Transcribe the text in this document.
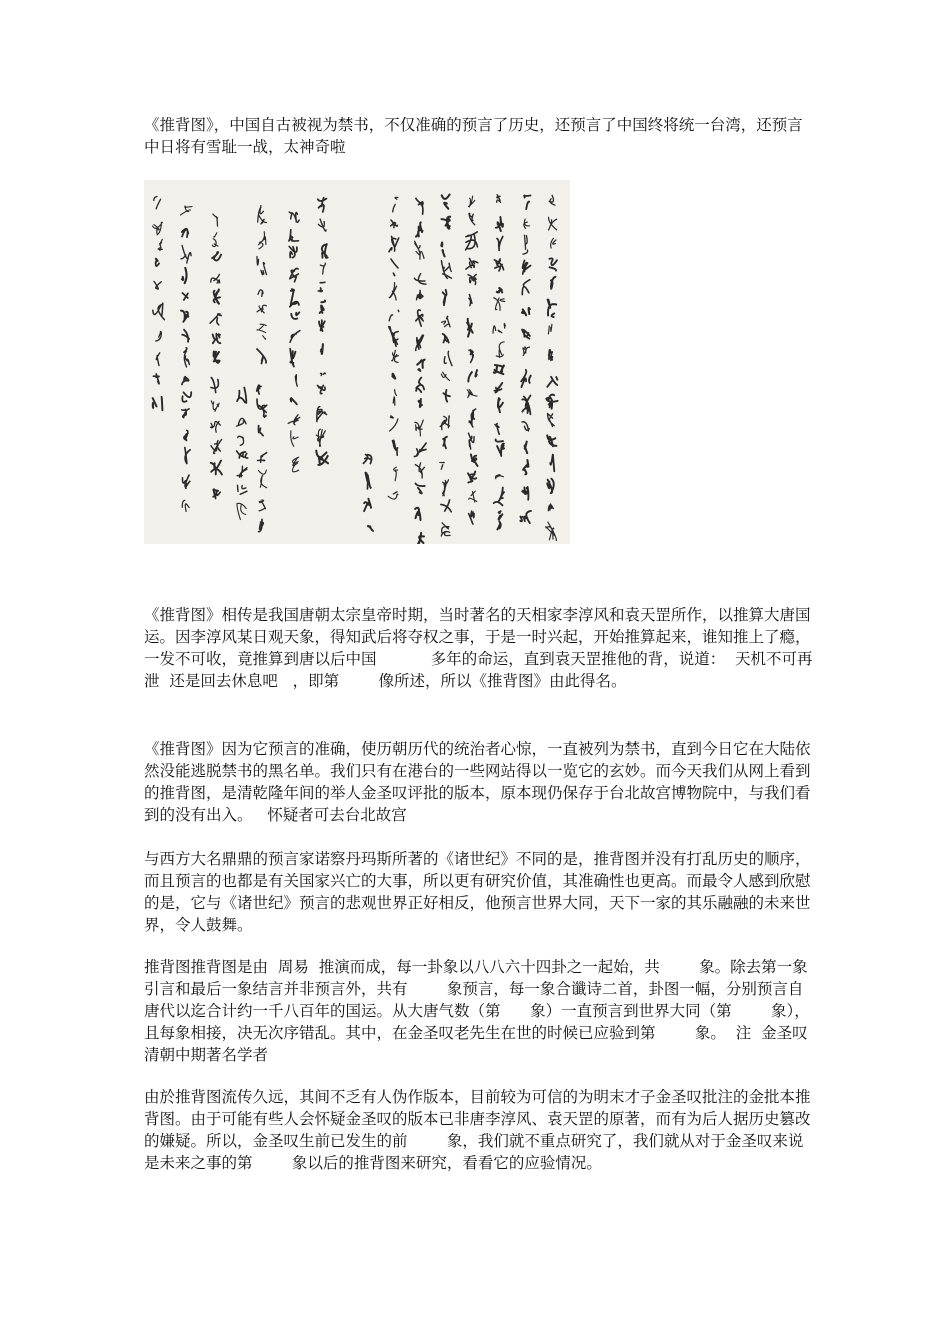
《推背图》，中国自古被视为禁书，不仅准确的预言了历史，还预言了中国终将统一台湾，还预言中日将有雪耻一战，太神奇啦

《推背图》相传是我国唐朝太宗皇帝时期，当时著名的天相家李淳风和袁天罡所作，以推算大唐国运。因李淳风某日观天象，得知武后将夺权之事，于是一时兴起，开始推算起来，谁知推上了瘾，一发不可收，竟推算到唐以后中国           多年的命运，直到袁天罡推他的背，说道：  天机不可再泄  还是回去休息吧   ，即第        像所述，所以《推背图》由此得名。

《推背图》因为它预言的准确，使历朝历代的统治者心惊，一直被列为禁书，直到今日它在大陆依然没能逃脱禁书的黑名单。我们只有在港台的一些网站得以一览它的玄妙。而今天我们从网上看到的推背图，是清乾隆年间的举人金圣叹评批的版本，原本现仍保存于台北故宫博物院中，与我们看到的没有出入。   怀疑者可去台北故宫

与西方大名鼎鼎的预言家诺察丹玛斯所著的《诸世纪》不同的是，推背图并没有打乱历史的顺序，而且预言的也都是有关国家兴亡的大事，所以更有研究价值，其准确性也更高。而最令人感到欣慰的是，它与《诸世纪》预言的悲观世界正好相反，他预言世界大同，天下一家的其乐融融的未来世界，令人鼓舞。

推背图推背图是由  周易  推演而成，每一卦象以八八六十四卦之一起始，共        象。除去第一象引言和最后一象结言并非预言外，共有        象预言，每一象合谶诗二首，卦图一幅，分别预言自唐代以迄合计约一千八百年的国运。从大唐气数（第      象）一直预言到世界大同（第        象），且每象相接，决无次序错乱。其中，在金圣叹老先生在世的时候已应验到第        象。  注  金圣叹   清朝中期著名学者

由於推背图流传久远，其间不乏有人伪作版本，目前较为可信的为明末才子金圣叹批注的金批本推背图。由于可能有些人会怀疑金圣叹的版本已非唐李淳风、袁天罡的原著，而有为后人据历史篡改的嫌疑。所以，金圣叹生前已发生的前        象，我们就不重点研究了，我们就从对于金圣叹来说是未来之事的第        象以后的推背图来研究，看看它的应验情况。
